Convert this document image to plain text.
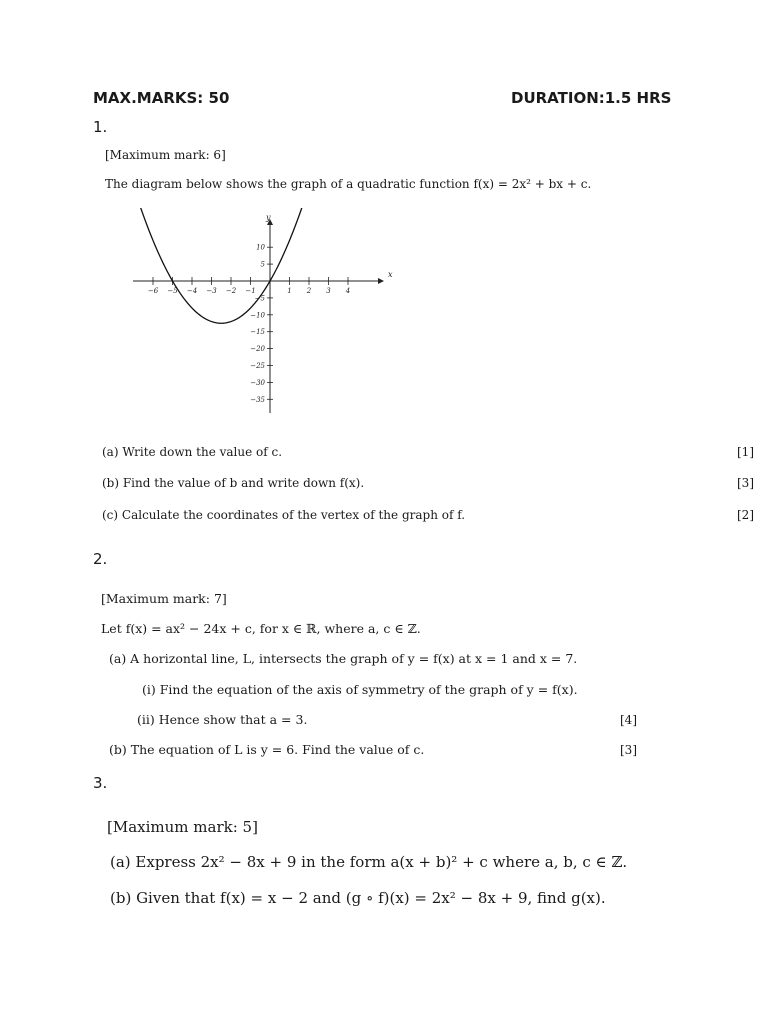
MAX.MARKS: 50	DURATION:1.5 HRS
1.
[Maximum mark: 6]
The diagram below shows the graph of a quadratic function f(x) = 2x² + bx + c.
x
y
−6 −5 −4 −3 −2 −1	1 2 3 4
10
5
−5
−10
−15
−20
−25
−30
−35
(a) Write down the value of c.	[1]
(b) Find the value of b and write down f(x).	[3]
(c) Calculate the coordinates of the vertex of the graph of f.	[2]
2.
[Maximum mark: 7]
Let f(x) = ax² − 24x + c, for x ∈ ℝ, where a, c ∈ ℤ.
(a) A horizontal line, L, intersects the graph of y = f(x) at x = 1 and x = 7.
(i) Find the equation of the axis of symmetry of the graph of y = f(x).
(ii) Hence show that a = 3.	[4]
(b) The equation of L is y = 6. Find the value of c.	[3]
3.
[Maximum mark: 5]
(a) Express 2x² − 8x + 9 in the form a(x + b)² + c where a, b, c ∈ ℤ.
(b) Given that f(x) = x − 2 and (g ∘ f)(x) = 2x² − 8x + 9, find g(x).
